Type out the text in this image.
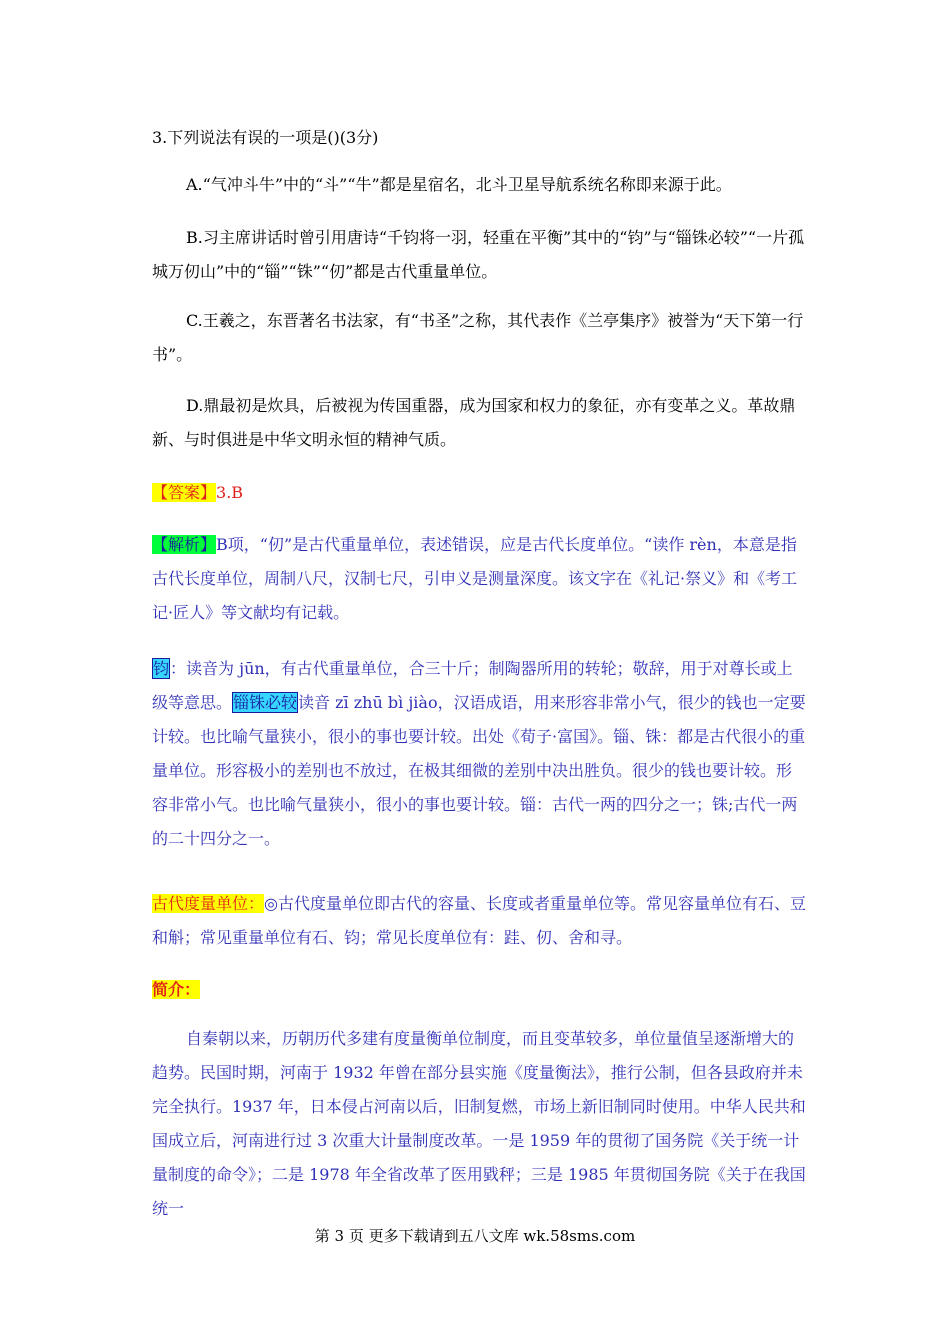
3.下列说法有误的一项是()(3分)

A.“气冲斗牛”中的“斗”“牛”都是星宿名，北斗卫星导航系统名称即来源于此。

B.习主席讲话时曾引用唐诗“千钧将一羽，轻重在平衡”其中的“钧”与“锱铢必较”“一片孤城万仞山”中的“锱”“铢”“仞”都是古代重量单位。

C.王羲之，东晋著名书法家，有“书圣”之称，其代表作《兰亭集序》被誉为“天下第一行书”。

D.鼎最初是炊具，后被视为传国重器，成为国家和权力的象征，亦有变革之义。革故鼎新、与时俱进是中华文明永恒的精神气质。

【答案】3.B

【解析】B项，“仞”是古代重量单位，表述错误，应是古代长度单位。“读作 rèn，本意是指古代长度单位，周制八尺，汉制七尺，引申义是测量深度。该文字在《礼记·祭义》和《考工记·匠人》等文献均有记载。

钧：读音为 jūn，有古代重量单位，合三十斤；制陶器所用的转轮；敬辞，用于对尊长或上级等意思。锱铢必较读音 zī zhū bì jiào，汉语成语，用来形容非常小气，很少的钱也一定要计较。也比喻气量狭小，很小的事也要计较。出处《荀子·富国》。锱、铢：都是古代很小的重量单位。形容极小的差别也不放过，在极其细微的差别中决出胜负。很少的钱也要计较。形容非常小气。也比喻气量狭小，很小的事也要计较。锱：古代一两的四分之一；铢;古代一两的二十四分之一。

古代度量单位：◎古代度量单位即古代的容量、长度或者重量单位等。常见容量单位有石、豆和斛；常见重量单位有石、钧；常见长度单位有：跬、仞、舍和寻。

简介：

自秦朝以来，历朝历代多建有度量衡单位制度，而且变革较多，单位量值呈逐渐增大的趋势。民国时期，河南于 1932 年曾在部分县实施《度量衡法》，推行公制，但各县政府并未完全执行。1937 年，日本侵占河南以后，旧制复燃，市场上新旧制同时使用。中华人民共和国成立后，河南进行过 3 次重大计量制度改革。一是 1959 年的贯彻了国务院《关于统一计量制度的命令》；二是 1978 年全省改革了医用戥秤；三是 1985 年贯彻国务院《关于在我国统一

第 3 页 更多下载请到五八文库 wk.58sms.com
